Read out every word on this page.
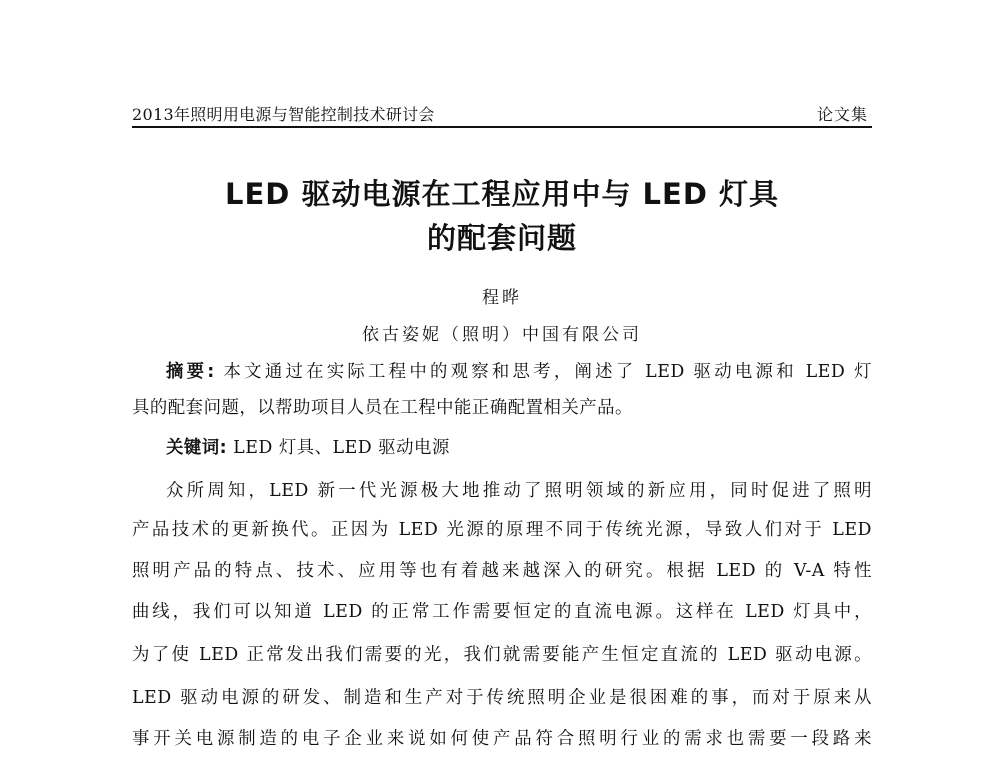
2013年照明用电源与智能控制技术研讨会	论文集
LED 驱动电源在工程应用中与 LED 灯具
的配套问题
程晔
依古姿妮（照明）中国有限公司
摘要: 本文通过在实际工程中的观察和思考，阐述了 LED 驱动电源和 LED 灯
具的配套问题，以帮助项目人员在工程中能正确配置相关产品。
关键词: LED 灯具、LED 驱动电源
众所周知，LED 新一代光源极大地推动了照明领域的新应用，同时促进了照明
产品技术的更新换代。正因为 LED 光源的原理不同于传统光源，导致人们对于 LED
照明产品的特点、技术、应用等也有着越来越深入的研究。根据 LED 的 V-A 特性
曲线，我们可以知道 LED 的正常工作需要恒定的直流电源。这样在 LED 灯具中，
为了使 LED 正常发出我们需要的光，我们就需要能产生恒定直流的 LED 驱动电源。
LED 驱动电源的研发、制造和生产对于传统照明企业是很困难的事，而对于原来从
事开关电源制造的电子企业来说如何使产品符合照明行业的需求也需要一段路来
